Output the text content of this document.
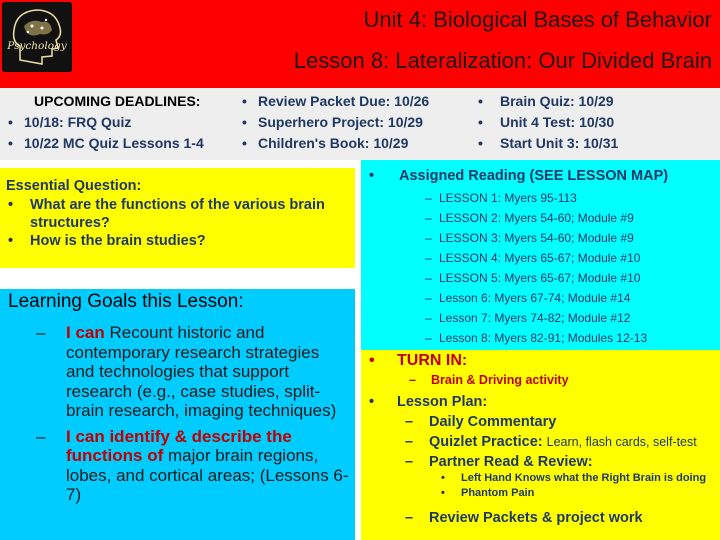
Psychology
Unit 4: Biological Bases of Behavior
Lesson 8: Lateralization: Our Divided Brain
UPCOMING DEADLINES:
• 10/18: FRQ Quiz
• 10/22 MC Quiz Lessons 1-4
• Review Packet Due: 10/26
• Superhero Project: 10/29
• Children's Book: 10/29
• Brain Quiz: 10/29
• Unit 4 Test: 10/30
• Start Unit 3: 10/31
Essential Question:
•	What are the functions of the various brain structures?
•	How is the brain studies?
Learning Goals this Lesson:
–	I can Recount historic and contemporary research strategies and technologies that support research (e.g., case studies, split-brain research, imaging techniques)
–	I can identify & describe the functions of major brain regions, lobes, and cortical areas; (Lessons 6-7)
•	Assigned Reading (SEE LESSON MAP)
– LESSON 1: Myers 95-113
– LESSON 2: Myers 54-60; Module #9
– LESSON 3: Myers 54-60; Module #9
– LESSON 4: Myers 65-67; Module #10
– LESSON 5: Myers 65-67; Module #10
– Lesson 6: Myers 67-74; Module #14
– Lesson 7: Myers 74-82; Module #12
– Lesson 8: Myers 82-91; Modules 12-13
•	TURN IN:
–	Brain & Driving activity
•	Lesson Plan:
–	Daily Commentary
–	Quizlet Practice: Learn, flash cards, self-test
–	Partner Read & Review:
•	Left Hand Knows what the Right Brain is doing
•	Phantom Pain
–	Review Packets & project work
